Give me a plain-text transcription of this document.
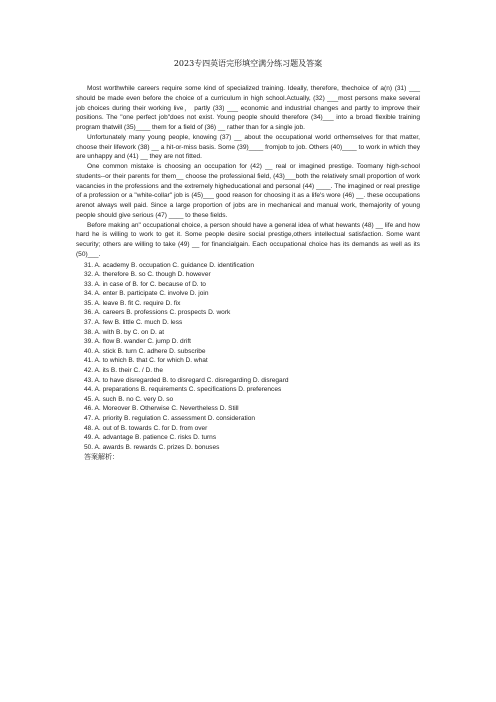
2023专四英语完形填空满分练习题及答案

Most worthwhile careers require some kind of specialized training. Ideally, therefore, thechoice of a(n) (31) ___ should be made even before the choice of a curriculum in high school.Actually, (32) ___most persons make several job choices during their working live， partly (33) ___ economic and industrial changes and partly to improve their positions. The "one perfect job"does not exist. Young people should therefore (34)___ into a broad flexible training program thatwill (35)____ them for a field of (36) __ rather than for a single job.

Unfortunately many young people, knowing (37) __ about the occupational world orthemselves for that matter, choose their lifework (38) __ a hit-or-miss basis. Some (39)____ fromjob to job. Others (40)____ to work in which they are unhappy and (41) __ they are not fitted.

One common mistake is choosing an occupation for (42) __ real or imagined prestige. Toomany high-school students--or their parents for them__ choose the professional field, (43)___both the relatively small proportion of work vacancies in the professions and the extremely higheducational and personal (44) ____. The imagined or real prestige of a profession or a "white-collar" job is (45)___ good reason for choosing it as a life's wore (46) __. these occupations arenot always well paid. Since a large proportion of jobs are in mechanical and manual work, themajority of young people should give serious (47) ____ to these fields.

Before making an" occupational choice, a person should have a general idea of what hewants (48) __ life and how hard he is willing to work to get it. Some people desire social prestige,others intellectual satisfaction. Some want security; others are willing to take (49) __ for financialgain. Each occupational choice has its demands as well as its (50)___.

31. A. academy B. occupation C. guidance D. identification
32. A. therefore B. so C. though D. however
33. A. in case of B. for C. because of D. to
34. A. enter B. participate C. involve D. join
35. A. leave B. fit C. require D. fix
36. A. careers B. professions C. prospects D. work
37. A. few B. little C. much D. less
38. A. with B. by C. on D. at
39. A. flow B. wander C. jump D. drift
40. A. stick B. turn C. adhere D. subscribe
41. A. to which B. that C. for which D. what
42. A. its B. their C. / D. the
43. A. to have disregarded B. to disregard C. disregarding D. disregard
44. A. preparations B. requirements C. specifications D. preferences
45. A. such B. no C. very D. so
46. A. Moreover B. Otherwise C. Nevertheless D. Still
47. A. priority B. regulation C. assessment D. consideration
48. A. out of B. towards C. for D. from over
49. A. advantage B. patience C. risks D. turns
50. A. awards B. rewards C. prizes D. bonuses
答案解析：
